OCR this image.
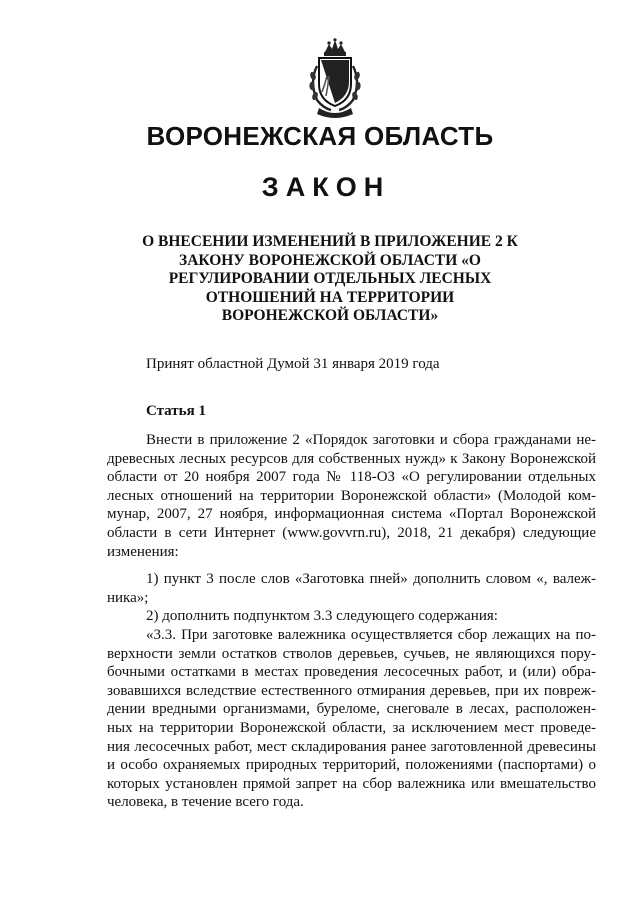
ВОРОНЕЖСКАЯ ОБЛАСТЬ
ЗАКОН
О ВНЕСЕНИИ ИЗМЕНЕНИЙ В ПРИЛОЖЕНИЕ 2 К
ЗАКОНУ ВОРОНЕЖСКОЙ ОБЛАСТИ «О
РЕГУЛИРОВАНИИ ОТДЕЛЬНЫХ ЛЕСНЫХ
ОТНОШЕНИЙ НА ТЕРРИТОРИИ
ВОРОНЕЖСКОЙ ОБЛАСТИ»
Принят областной Думой 31 января 2019 года
Статья 1
Внести в приложение 2 «Порядок заготовки и сбора гражданами не-
древесных лесных ресурсов для собственных нужд» к Закону Воронежской
области от 20 ноября 2007 года № 118-ОЗ «О регулировании отдельных
лесных отношений на территории Воронежской области» (Молодой ком-
мунар, 2007, 27 ноября, информационная система «Портал Воронежской
области в сети Интернет (www.govvrn.ru), 2018, 21 декабря) следующие
изменения:
1) пункт 3 после слов «Заготовка пней» дополнить словом «, валеж-
ника»;
2) дополнить подпунктом 3.3 следующего содержания:
«3.3. При заготовке валежника осуществляется сбор лежащих на по-
верхности земли остатков стволов деревьев, сучьев, не являющихся пору-
бочными остатками в местах проведения лесосечных работ, и (или) обра-
зовавшихся вследствие естественного отмирания деревьев, при их повреж-
дении вредными организмами, буреломе, снеговале в лесах, расположен-
ных на территории Воронежской области, за исключением мест проведе-
ния лесосечных работ, мест складирования ранее заготовленной древесины
и особо охраняемых природных территорий, положениями (паспортами) о
которых установлен прямой запрет на сбор валежника или вмешательство
человека, в течение всего года.
